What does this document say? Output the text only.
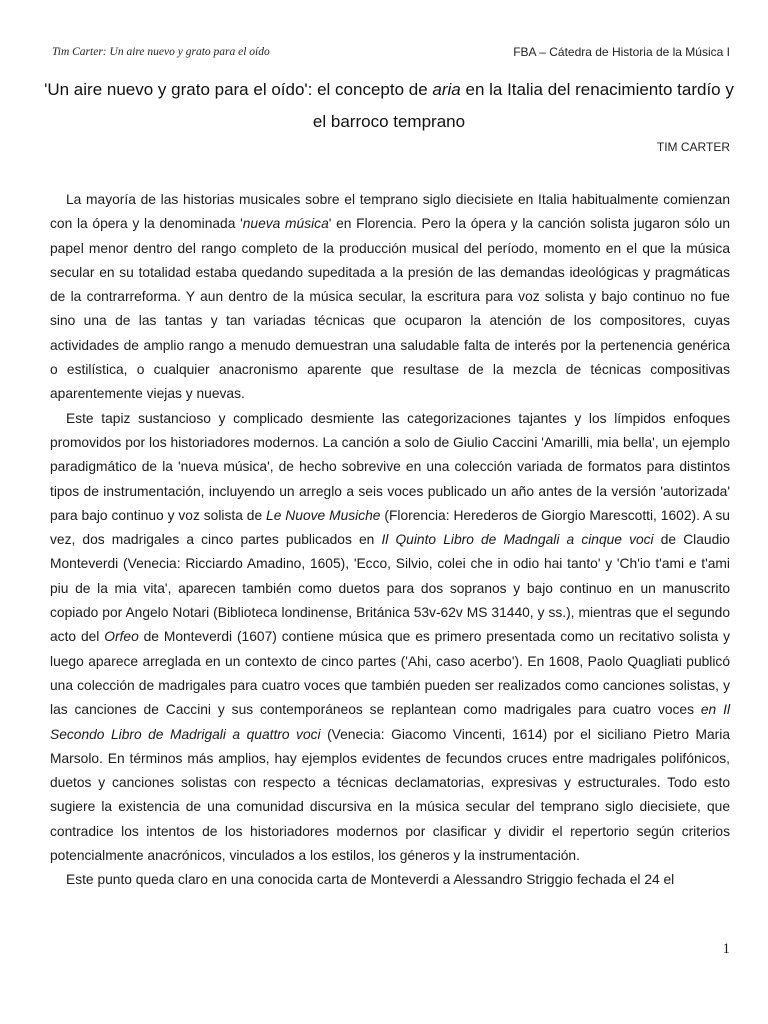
Tim Carter: Un aire nuevo y grato para el oído	FBA – Cátedra de Historia de la Música I
'Un aire nuevo y grato para el oído': el concepto de aria en la Italia del renacimiento tardío y el barroco temprano
TIM CARTER

La mayoría de las historias musicales sobre el temprano siglo diecisiete en Italia habitualmente comienzan con la ópera y la denominada 'nueva música' en Florencia. Pero la ópera y la canción solista jugaron sólo un papel menor dentro del rango completo de la producción musical del período, momento en el que la música secular en su totalidad estaba quedando supeditada a la presión de las demandas ideológicas y pragmáticas de la contrarreforma. Y aun dentro de la música secular, la escritura para voz solista y bajo continuo no fue sino una de las tantas y tan variadas técnicas que ocuparon la atención de los compositores, cuyas actividades de amplio rango a menudo demuestran una saludable falta de interés por la pertenencia genérica o estilística, o cualquier anacronismo aparente que resultase de la mezcla de técnicas compositivas aparentemente viejas y nuevas.

Este tapiz sustancioso y complicado desmiente las categorizaciones tajantes y los límpidos enfoques promovidos por los historiadores modernos. La canción a solo de Giulio Caccini 'Amarilli, mia bella', un ejemplo paradigmático de la 'nueva música', de hecho sobrevive en una colección variada de formatos para distintos tipos de instrumentación, incluyendo un arreglo a seis voces publicado un año antes de la versión 'autorizada' para bajo continuo y voz solista de Le Nuove Musiche (Florencia: Herederos de Giorgio Marescotti, 1602). A su vez, dos madrigales a cinco partes publicados en Il Quinto Libro de Madngali a cinque voci de Claudio Monteverdi (Venecia: Ricciardo Amadino, 1605), 'Ecco, Silvio, colei che in odio hai tanto' y 'Ch'io t'ami e t'ami piu de la mia vita', aparecen también como duetos para dos sopranos y bajo continuo en un manuscrito copiado por Angelo Notari (Biblioteca londinense, Británica 53v-62v MS 31440, y ss.), mientras que el segundo acto del Orfeo de Monteverdi (1607) contiene música que es primero presentada como un recitativo solista y luego aparece arreglada en un contexto de cinco partes ('Ahi, caso acerbo'). En 1608, Paolo Quagliati publicó una colección de madrigales para cuatro voces que también pueden ser realizados como canciones solistas, y las canciones de Caccini y sus contemporáneos se replantean como madrigales para cuatro voces en Il Secondo Libro de Madrigali a quattro voci (Venecia: Giacomo Vincenti, 1614) por el siciliano Pietro Maria Marsolo. En términos más amplios, hay ejemplos evidentes de fecundos cruces entre madrigales polifónicos, duetos y canciones solistas con respecto a técnicas declamatorias, expresivas y estructurales. Todo esto sugiere la existencia de una comunidad discursiva en la música secular del temprano siglo diecisiete, que contradice los intentos de los historiadores modernos por clasificar y dividir el repertorio según criterios potencialmente anacrónicos, vinculados a los estilos, los géneros y la instrumentación.

Este punto queda claro en una conocida carta de Monteverdi a Alessandro Striggio fechada el 24 el

1
